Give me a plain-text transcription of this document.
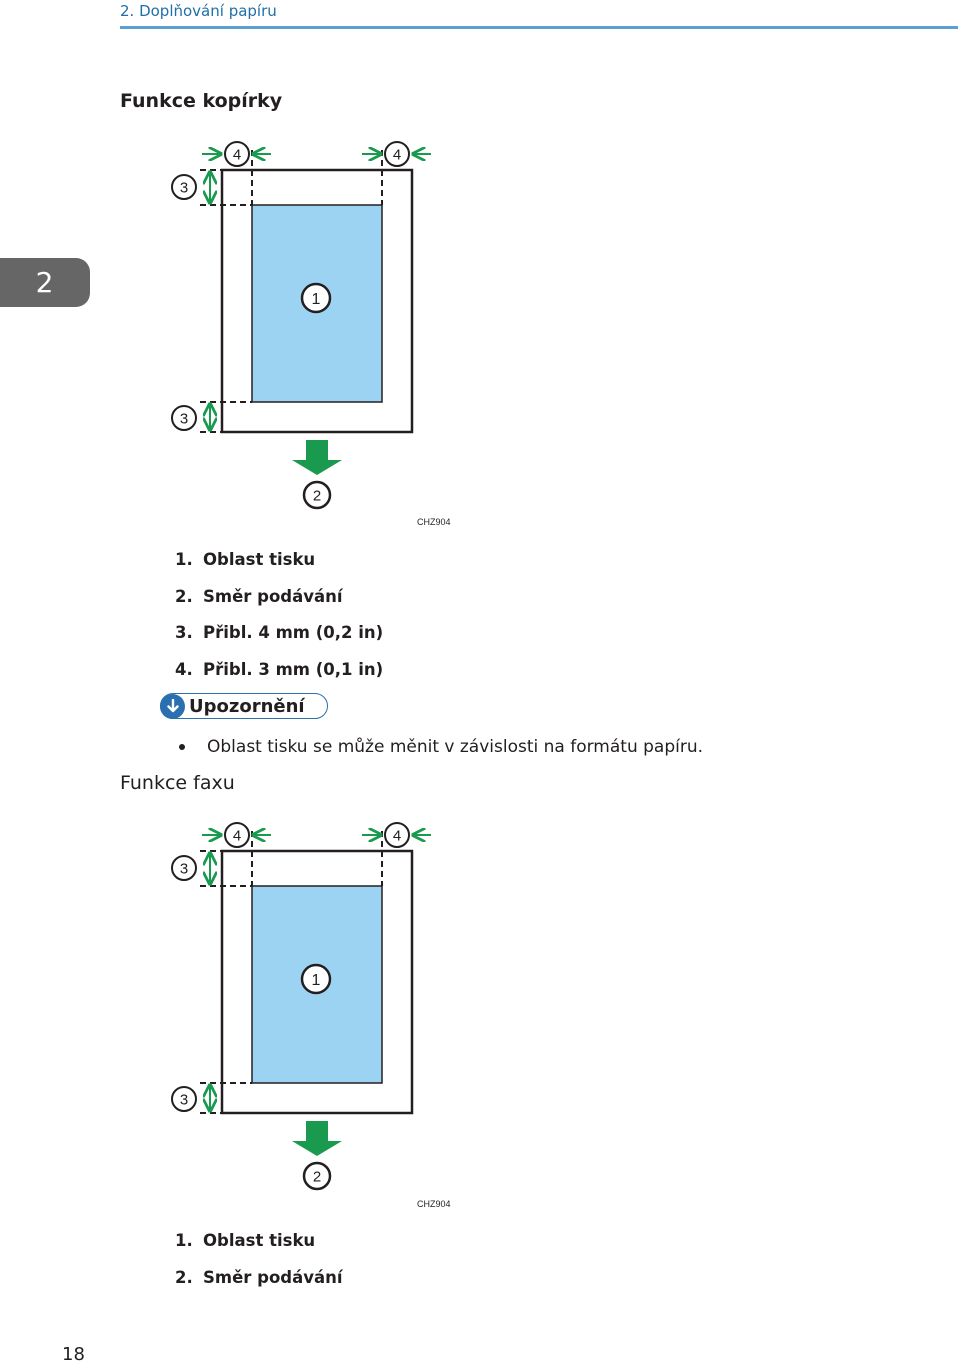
2. Doplňování papíru
2
Funkce kopírky
4	4
3
3
1
2
CHZ904
1. Oblast tisku
2. Směr podávání
3. Přibl. 4 mm (0,2 in)
4. Přibl. 3 mm (0,1 in)
Upozornění
Oblast tisku se může měnit v závislosti na formátu papíru.
Funkce faxu
4	4
3
3
1
2
CHZ904
1. Oblast tisku
2. Směr podávání
18
